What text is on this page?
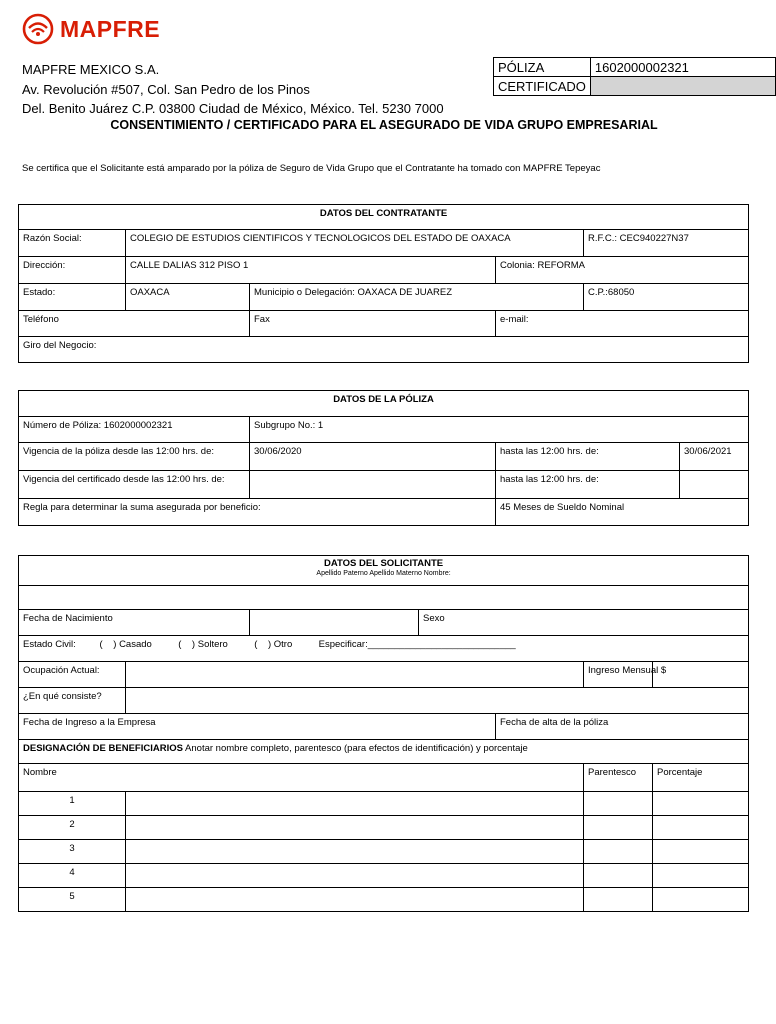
MAPFRE
MAPFRE MEXICO S.A.
Av. Revolución #507, Col. San Pedro de los Pinos
Del. Benito Juárez C.P. 03800 Ciudad de México, México. Tel. 5230 7000
PÓLIZA	1602000002321
CERTIFICADO	
CONSENTIMIENTO / CERTIFICADO PARA EL ASEGURADO DE VIDA GRUPO EMPRESARIAL
Se certifica que el Solicitante está amparado por la póliza de Seguro de Vida Grupo que el Contratante ha tomado con MAPFRE Tepeyac
DATOS DEL CONTRATANTE				
Razón Social:	COLEGIO DE ESTUDIOS CIENTIFICOS Y TECNOLOGICOS DEL ESTADO DE OAXACA			R.F.C.: CEC940227N37
Dirección:	CALLE DALIAS 312 PISO 1		Colonia: REFORMA	
Estado:	OAXACA	Municipio o Delegación: OAXACA DE JUAREZ		C.P.:68050
Teléfono		Fax	e-mail:	
Giro del Negocio:				
DATOS DE LA PÓLIZA			
Número de Póliza: 1602000002321	Subgrupo No.: 1		
Vigencia de la póliza desde las 12:00 hrs. de:	30/06/2020	hasta las 12:00 hrs. de:	30/06/2021
Vigencia del certificado desde las 12:00 hrs. de:		hasta las 12:00 hrs. de:	
Regla para determinar la suma asegurada por beneficio:		45 Meses de Sueldo Nominal	
DATOS DEL SOLICITANTE
Apellido Paterno Apellido Materno Nombre:						

Fecha de Nacimiento			Sexo			
Estado Civil:         (    ) Casado          (    ) Soltero          (    ) Otro          Especificar:____________________________						
Ocupación Actual:					Ingreso Mensual $	
¿En qué consiste?						
Fecha de Ingreso a la Empresa				Fecha de alta de la póliza		
DESIGNACIÓN DE BENEFICIARIOS Anotar nombre completo, parentesco (para efectos de identificación) y porcentaje						
Nombre					Parentesco	Porcentaje
1						
2						
3						
4						
5						
